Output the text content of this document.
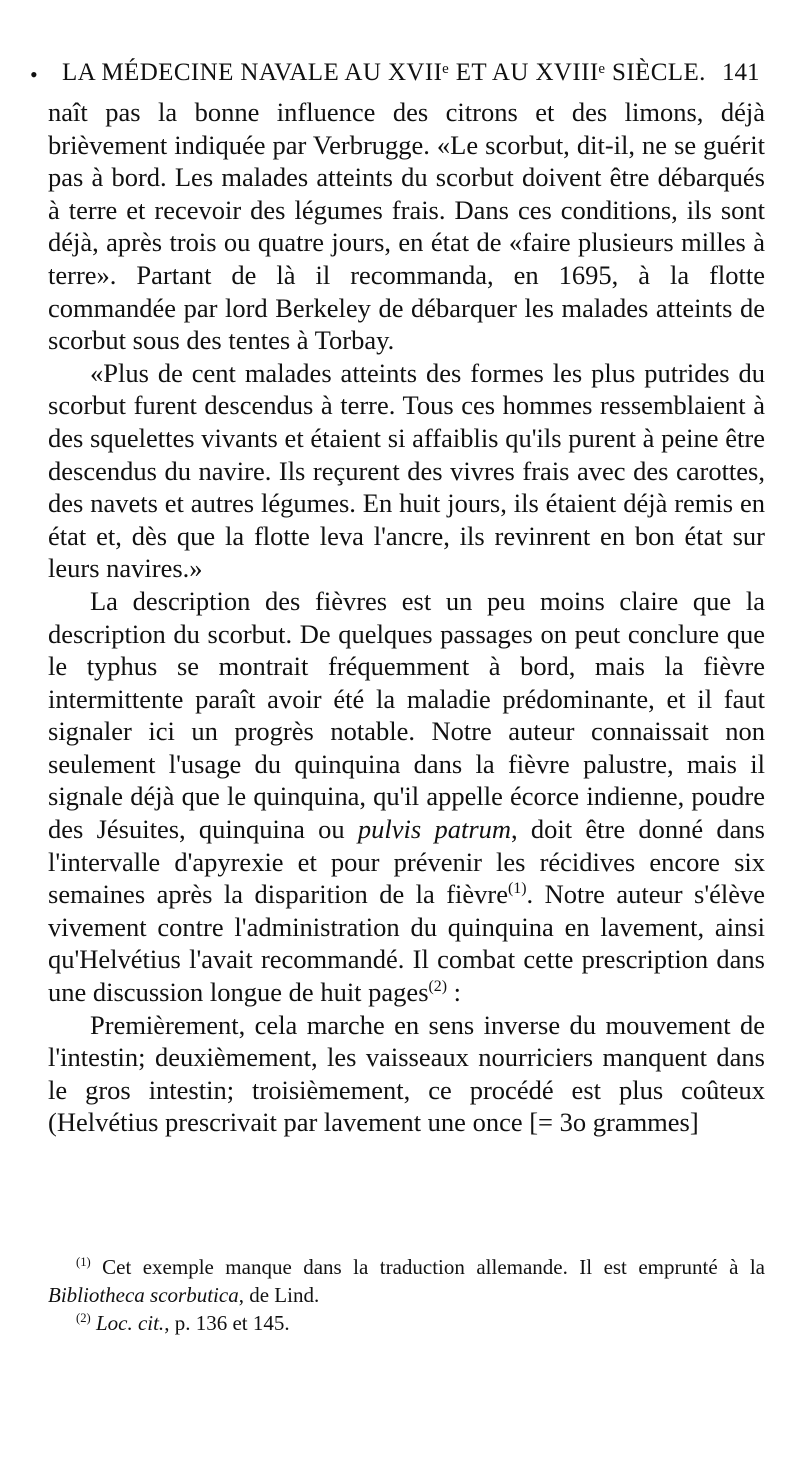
• LA MÉDECINE NAVALE AU XVIIᵉ ET AU XVIIIᵉ SIÈCLE. 141

naît pas la bonne influence des citrons et des limons, déjà brièvement indiquée par Verbrugge. «Le scorbut, dit-il, ne se guérit pas à bord. Les malades atteints du scorbut doivent être débarqués à terre et recevoir des légumes frais. Dans ces conditions, ils sont déjà, après trois ou quatre jours, en état de «faire plusieurs milles à terre». Partant de là il recommanda, en 1695, à la flotte commandée par lord Berkeley de débarquer les malades atteints de scorbut sous des tentes à Torbay.

«Plus de cent malades atteints des formes les plus putrides du scorbut furent descendus à terre. Tous ces hommes ressemblaient à des squelettes vivants et étaient si affaiblis qu'ils purent à peine être descendus du navire. Ils reçurent des vivres frais avec des carottes, des navets et autres légumes. En huit jours, ils étaient déjà remis en état et, dès que la flotte leva l'ancre, ils revinrent en bon état sur leurs navires.»

La description des fièvres est un peu moins claire que la description du scorbut. De quelques passages on peut conclure que le typhus se montrait fréquemment à bord, mais la fièvre intermittente paraît avoir été la maladie prédominante, et il faut signaler ici un progrès notable. Notre auteur connaissait non seulement l'usage du quinquina dans la fièvre palustre, mais il signale déjà que le quinquina, qu'il appelle écorce indienne, poudre des Jésuites, quinquina ou pulvis patrum, doit être donné dans l'intervalle d'apyrexie et pour prévenir les récidives encore six semaines après la disparition de la fièvre$^{(1)}$. Notre auteur s'élève vivement contre l'administration du quinquina en lavement, ainsi qu'Helvétius l'avait recommandé. Il combat cette prescription dans une discussion longue de huit pages$^{(2)}$ :

Premièrement, cela marche en sens inverse du mouvement de l'intestin; deuxièmement, les vaisseaux nourriciers manquent dans le gros intestin; troisièmement, ce procédé est plus coûteux (Helvétius prescrivait par lavement une once [= 3o grammes]

$^{(1)}$ Cet exemple manque dans la traduction allemande. Il est emprunté à la Bibliotheca scorbutica, de Lind.

$^{(2)}$ Loc. cit., p. 136 et 145.
